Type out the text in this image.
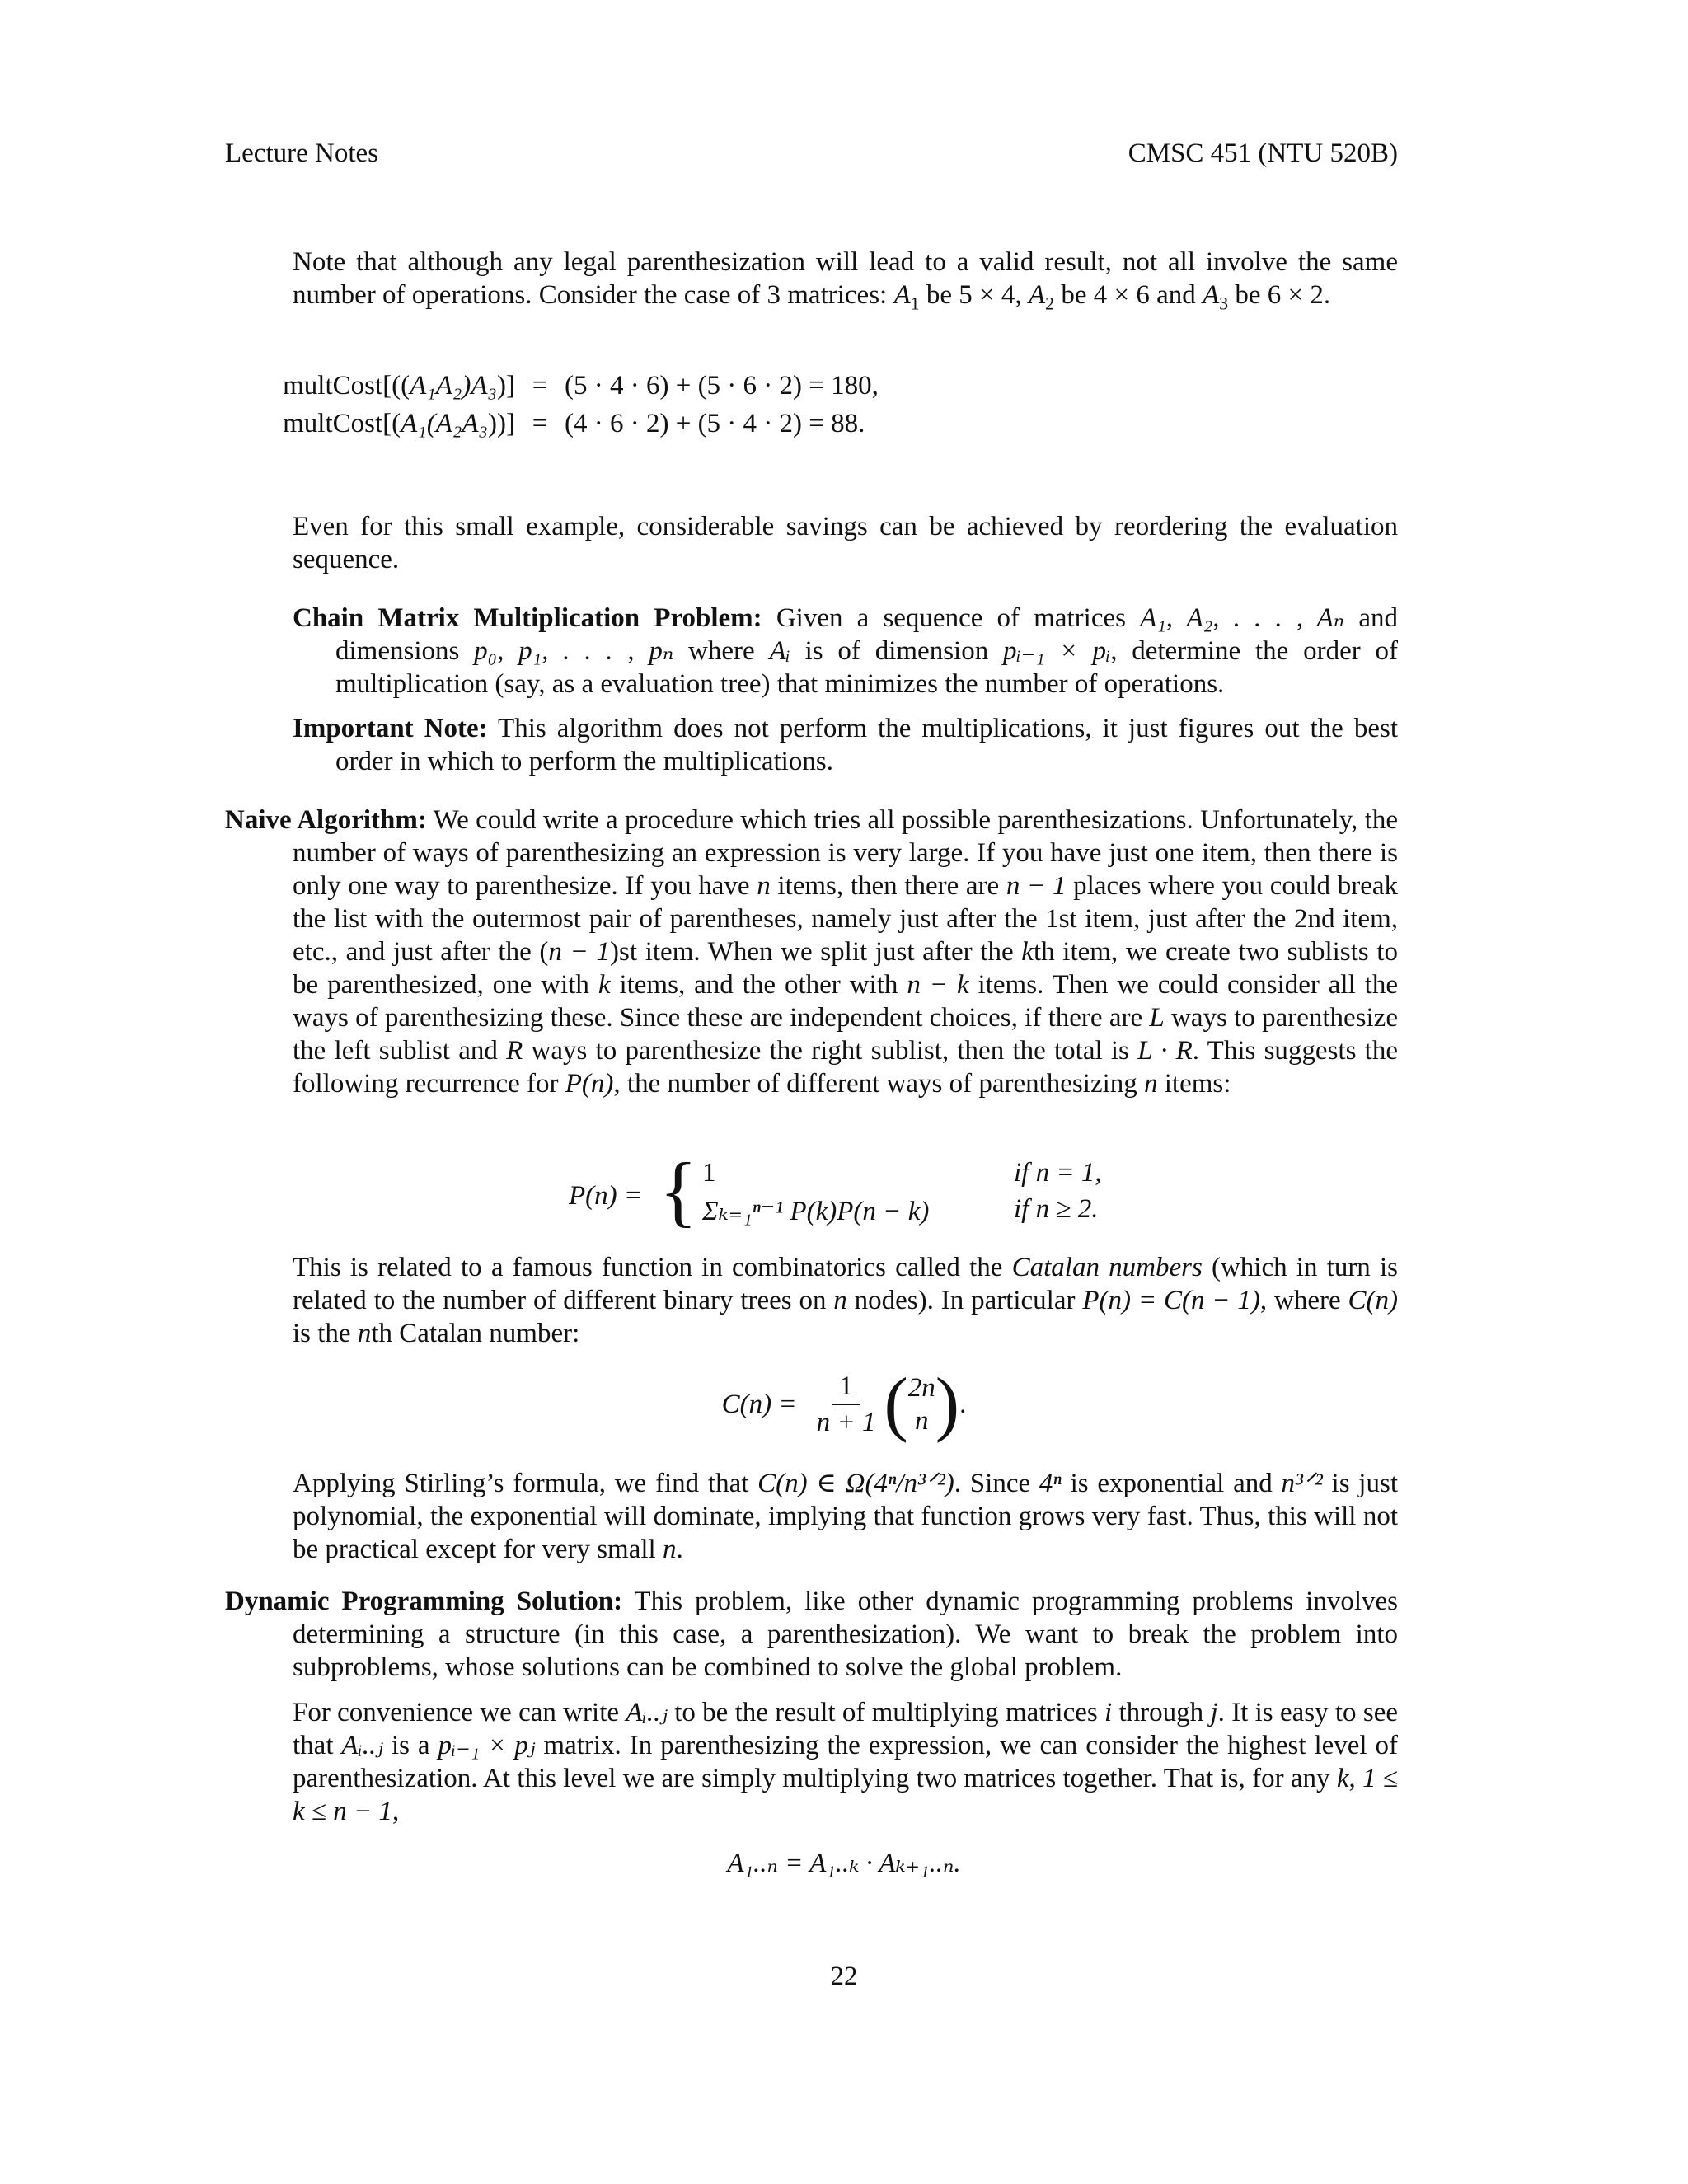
Lecture Notes	CMSC 451 (NTU 520B)
Note that although any legal parenthesization will lead to a valid result, not all involve the same number of operations. Consider the case of 3 matrices: $A_1$ be 5 × 4, $A_2$ be 4 × 6 and $A_3$ be 6 × 2.
multCost[((A₁A₂)A₃)] = (5 · 4 · 6) + (5 · 6 · 2) = 180,
multCost[(A₁(A₂A₃))] = (4 · 6 · 2) + (5 · 4 · 2) = 88.
Even for this small example, considerable savings can be achieved by reordering the evaluation sequence.
Chain Matrix Multiplication Problem: Given a sequence of matrices A₁, A₂, . . . , Aₙ and dimensions p₀, p₁, . . . , pₙ where Aᵢ is of dimension pᵢ₋₁ × pᵢ, determine the order of multiplication (say, as a evaluation tree) that minimizes the number of operations.
Important Note: This algorithm does not perform the multiplications, it just figures out the best order in which to perform the multiplications.
Naive Algorithm: We could write a procedure which tries all possible parenthesizations. Unfortunately, the number of ways of parenthesizing an expression is very large. If you have just one item, then there is only one way to parenthesize. If you have n items, then there are n − 1 places where you could break the list with the outermost pair of parentheses, namely just after the 1st item, just after the 2nd item, etc., and just after the (n − 1)st item. When we split just after the kth item, we create two sublists to be parenthesized, one with k items, and the other with n − k items. Then we could consider all the ways of parenthesizing these. Since these are independent choices, if there are L ways to parenthesize the left sublist and R ways to parenthesize the right sublist, then the total is L · R. This suggests the following recurrence for P(n), the number of different ways of parenthesizing n items:
P(n) = { 1	if n = 1,
Σₖ₌₁ⁿ⁻¹ P(k)P(n − k)	if n ≥ 2.
This is related to a famous function in combinatorics called the Catalan numbers (which in turn is related to the number of different binary trees on n nodes). In particular P(n) = C(n − 1), where C(n) is the nth Catalan number:
$C(n) = \frac{1}{n + 1}$ ( 2n
n ) .
Applying Stirling’s formula, we find that C(n) ∈ Ω(4ⁿ/n³ᐟ²). Since 4ⁿ is exponential and n³ᐟ² is just polynomial, the exponential will dominate, implying that function grows very fast. Thus, this will not be practical except for very small n.
Dynamic Programming Solution: This problem, like other dynamic programming problems involves determining a structure (in this case, a parenthesization). We want to break the problem into subproblems, whose solutions can be combined to solve the global problem.
For convenience we can write Aᵢ..ⱼ to be the result of multiplying matrices i through j. It is easy to see that Aᵢ..ⱼ is a pᵢ₋₁ × pⱼ matrix. In parenthesizing the expression, we can consider the highest level of parenthesization. At this level we are simply multiplying two matrices together. That is, for any k, 1 ≤ k ≤ n − 1,
A₁..ₙ = A₁..ₖ · Aₖ₊₁..ₙ.
22
